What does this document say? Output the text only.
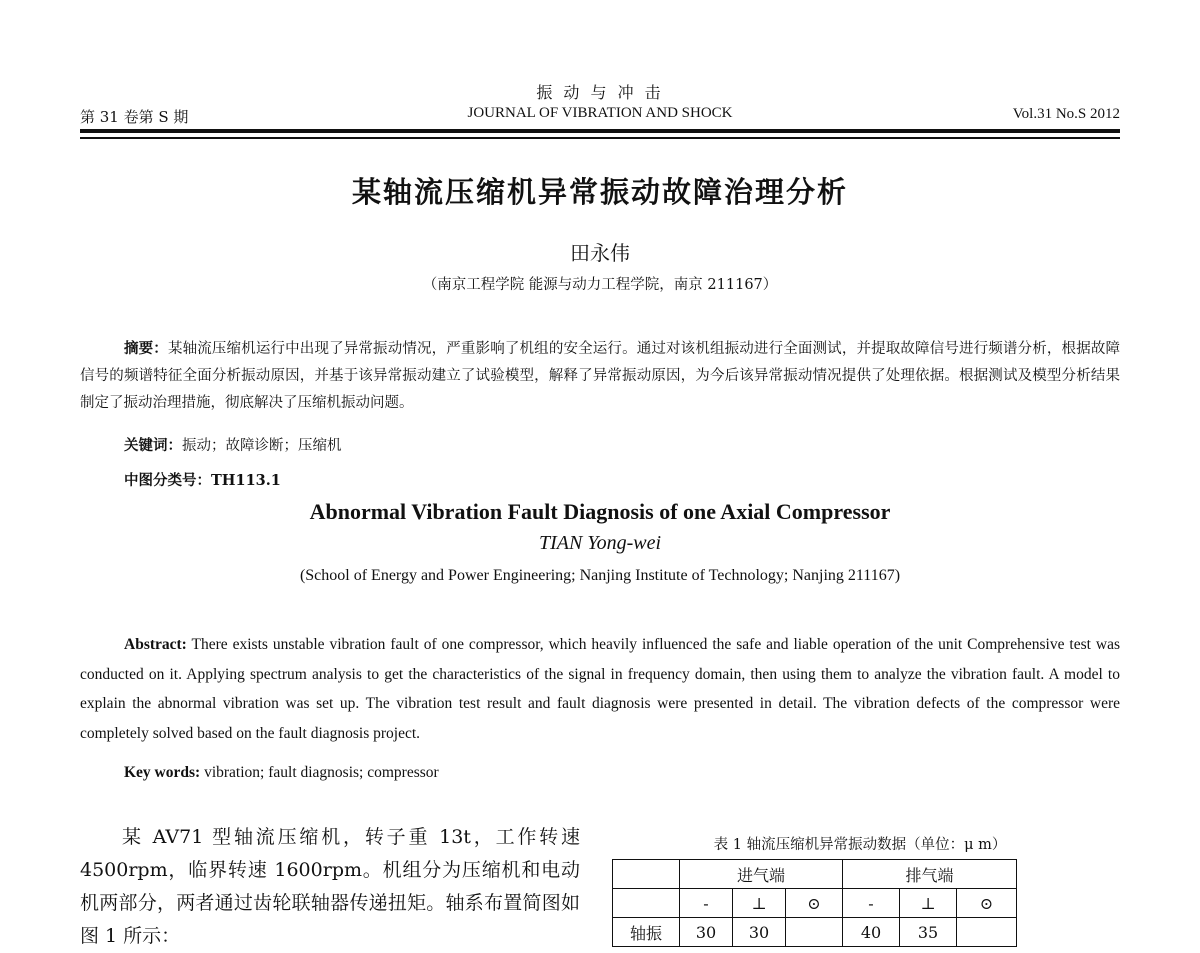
振 动 与 冲 击
第 31 卷第 S 期	JOURNAL OF VIBRATION AND SHOCK	Vol.31 No.S 2012
某轴流压缩机异常振动故障治理分析
田永伟
（南京工程学院 能源与动力工程学院，南京 211167）
摘要：某轴流压缩机运行中出现了异常振动情况，严重影响了机组的安全运行。通过对该机组振动进行全面测试，并提取故障信号进行频谱分析，根据故障信号的频谱特征全面分析振动原因，并基于该异常振动建立了试验模型，解释了异常振动原因，为今后该异常振动情况提供了处理依据。根据测试及模型分析结果制定了振动治理措施，彻底解决了压缩机振动问题。
关键词：振动；故障诊断；压缩机
中图分类号：TH113.1
Abnormal Vibration Fault Diagnosis of one Axial Compressor
TIAN Yong-wei
(School of Energy and Power Engineering; Nanjing Institute of Technology; Nanjing 211167)
Abstract: There exists unstable vibration fault of one compressor, which heavily influenced the safe and liable operation of the unit Comprehensive test was conducted on it. Applying spectrum analysis to get the characteristics of the signal in frequency domain, then using them to analyze the vibration fault. A model to explain the abnormal vibration was set up. The vibration test result and fault diagnosis were presented in detail. The vibration defects of the compressor were completely solved based on the fault diagnosis project.
Key words: vibration; fault diagnosis; compressor
某 AV71 型轴流压缩机，转子重 13t，工作转速 4500rpm，临界转速 1600rpm。机组分为压缩机和电动机两部分，两者通过齿轮联轴器传递扭矩。轴系布置简图如图 1 所示：
表 1 轴流压缩机异常振动数据（单位：μ m）
	进气端			排气端		
	-	⊥	⊙	-	⊥	⊙
轴振	30	30		40	35	
